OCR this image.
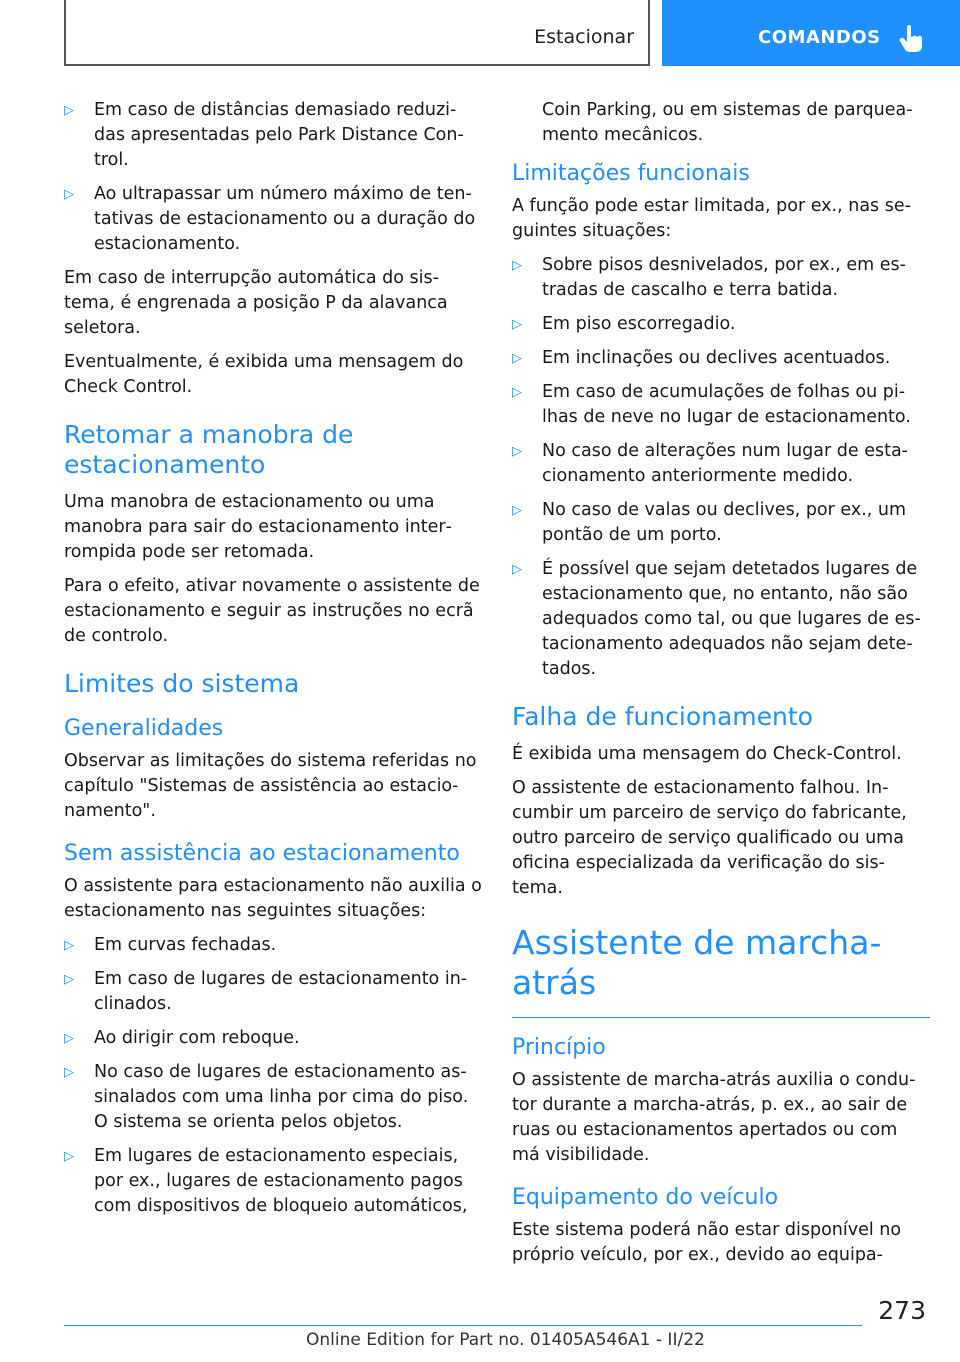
Estacionar	COMANDOS
▷ Em caso de distâncias demasiado reduzi‐ das apresentadas pelo Park Distance Con‐ trol.
▷ Ao ultrapassar um número máximo de ten‐ tativas de estacionamento ou a duração do estacionamento.
Em caso de interrupção automática do sis‐ tema, é engrenada a posição P da alavanca seletora.
Eventualmente, é exibida uma mensagem do Check Control.
Retomar a manobra de estacionamento
Uma manobra de estacionamento ou uma manobra para sair do estacionamento inter‐ rompida pode ser retomada.
Para o efeito, ativar novamente o assistente de estacionamento e seguir as instruções no ecrã de controlo.
Limites do sistema
Generalidades
Observar as limitações do sistema referidas no capítulo "Sistemas de assistência ao estacio‐ namento".
Sem assistência ao estacionamento
O assistente para estacionamento não auxilia o estacionamento nas seguintes situações:
▷ Em curvas fechadas.
▷ Em caso de lugares de estacionamento in‐ clinados.
▷ Ao dirigir com reboque.
▷ No caso de lugares de estacionamento as‐ sinalados com uma linha por cima do piso. O sistema se orienta pelos objetos.
▷ Em lugares de estacionamento especiais, por ex., lugares de estacionamento pagos com dispositivos de bloqueio automáticos,
Coin Parking, ou em sistemas de parquea‐ mento mecânicos.
Limitações funcionais
A função pode estar limitada, por ex., nas se‐ guintes situações:
▷ Sobre pisos desnivelados, por ex., em es‐ tradas de cascalho e terra batida.
▷ Em piso escorregadio.
▷ Em inclinações ou declives acentuados.
▷ Em caso de acumulações de folhas ou pi‐ lhas de neve no lugar de estacionamento.
▷ No caso de alterações num lugar de esta‐ cionamento anteriormente medido.
▷ No caso de valas ou declives, por ex., um pontão de um porto.
▷ É possível que sejam detetados lugares de estacionamento que, no entanto, não são adequados como tal, ou que lugares de es‐ tacionamento adequados não sejam dete‐ tados.
Falha de funcionamento
É exibida uma mensagem do Check-Control.
O assistente de estacionamento falhou. In‐ cumbir um parceiro de serviço do fabricante, outro parceiro de serviço qualificado ou uma oficina especializada da verificação do sis‐ tema.
Assistente de marcha-atrás
Princípio
O assistente de marcha-atrás auxilia o condu‐ tor durante a marcha-atrás, p. ex., ao sair de ruas ou estacionamentos apertados ou com má visibilidade.
Equipamento do veículo
Este sistema poderá não estar disponível no próprio veículo, por ex., devido ao equipa‐
273
Online Edition for Part no. 01405A546A1 - II/22
